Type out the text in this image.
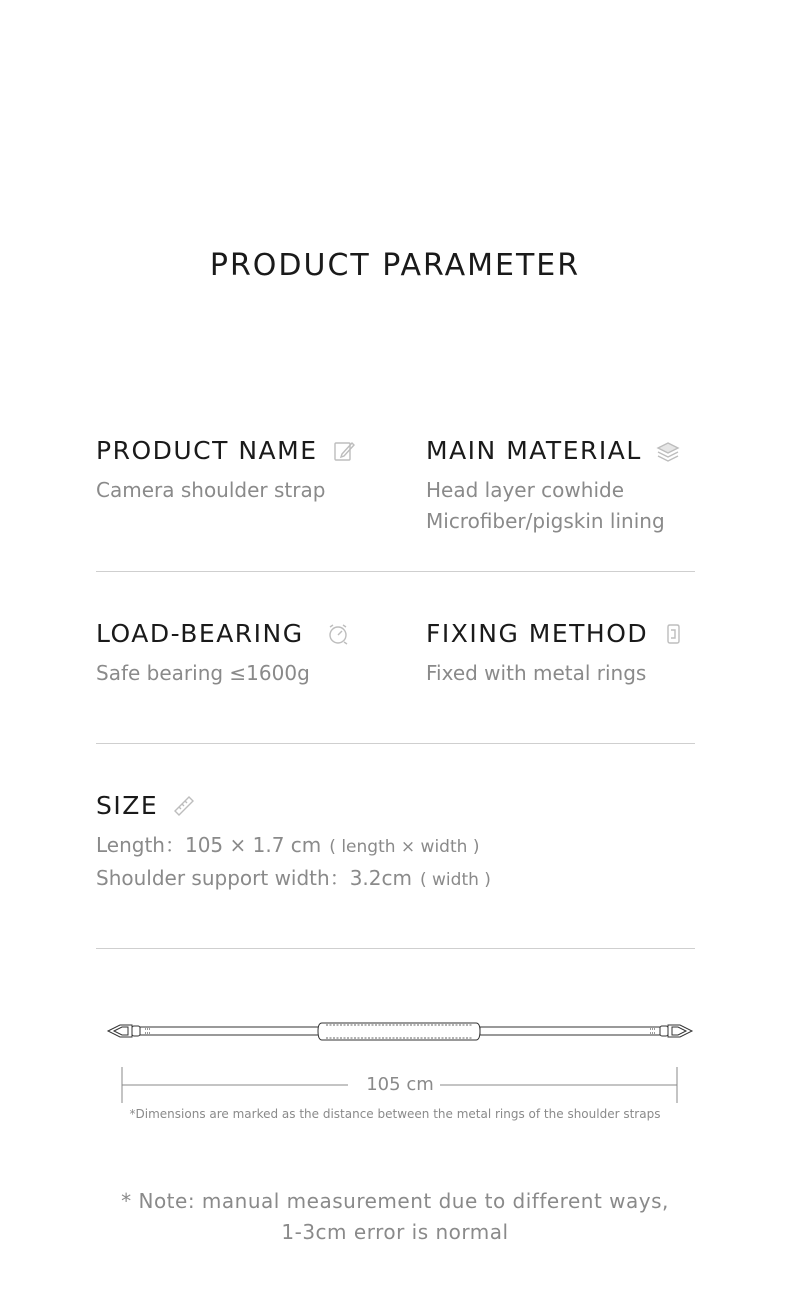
PRODUCT PARAMETER
PRODUCT NAME
Camera shoulder strap
MAIN MATERIAL
Head layer cowhide
Microfiber/pigskin lining
LOAD-BEARING
Safe bearing ≤1600g
FIXING METHOD
Fixed with metal rings
SIZE
Length：105 × 1.7 cm ( length × width )
Shoulder support width：3.2cm ( width )
105 cm
*Dimensions are marked as the distance between the metal rings of the shoulder straps
* Note: manual measurement due to different ways,
1-3cm error is normal
